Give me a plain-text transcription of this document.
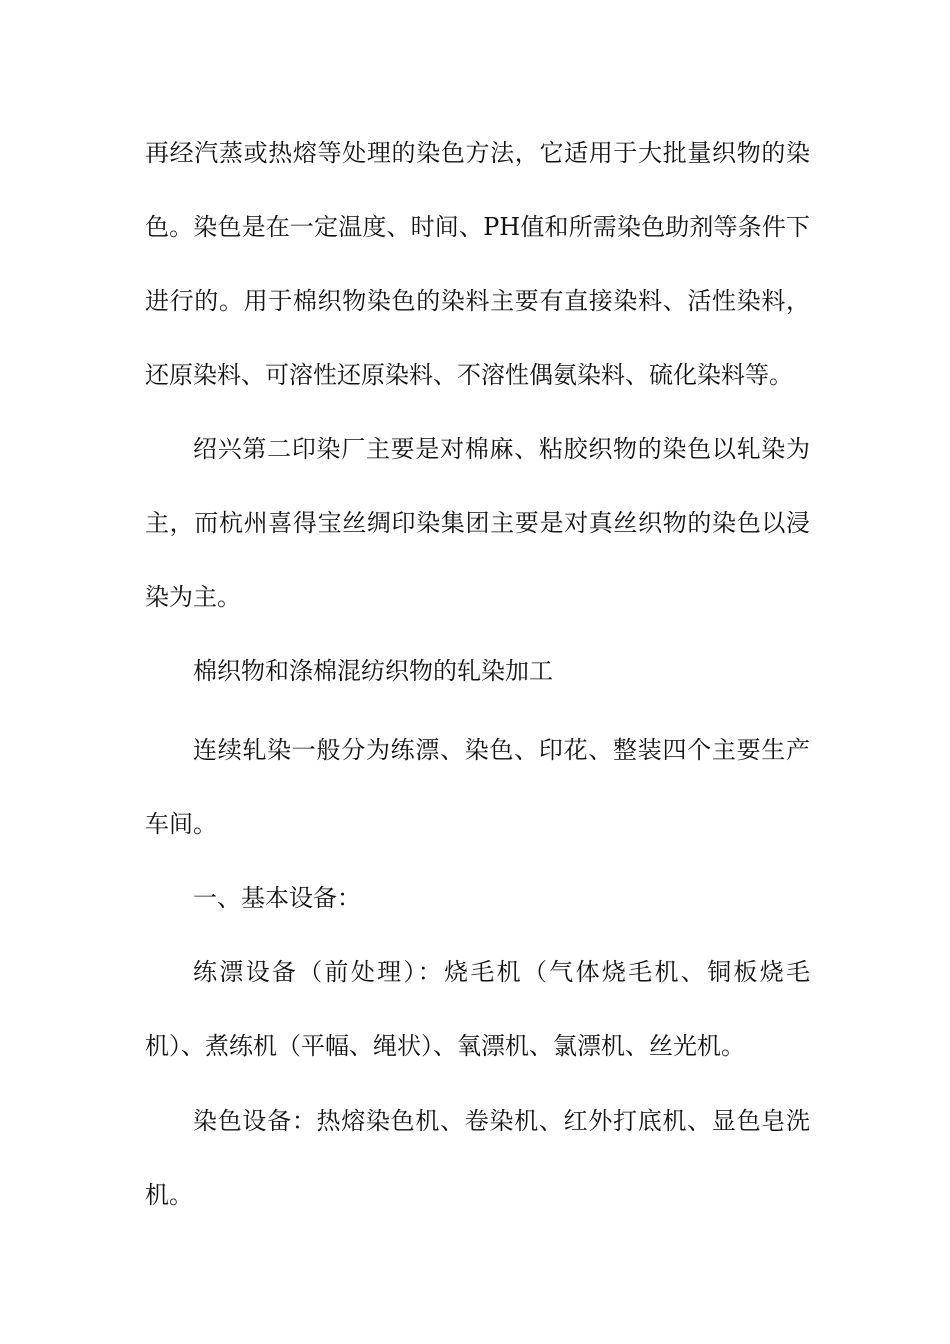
再经汽蒸或热熔等处理的染色方法，它适用于大批量织物的染
色。染色是在一定温度、时间、PH值和所需染色助剂等条件下
进行的。用于棉织物染色的染料主要有直接染料、活性染料，
还原染料、可溶性还原染料、不溶性偶氨染料、硫化染料等。
绍兴第二印染厂主要是对棉麻、粘胶织物的染色以轧染为
主，而杭州喜得宝丝绸印染集团主要是对真丝织物的染色以浸
染为主。
棉织物和涤棉混纺织物的轧染加工
连续轧染一般分为练漂、染色、印花、整装四个主要生产
车间。
一、基本设备：
练漂设备（前处理）：烧毛机（气体烧毛机、铜板烧毛
机）、煮练机（平幅、绳状）、氧漂机、氯漂机、丝光机。
染色设备：热熔染色机、卷染机、红外打底机、显色皂洗
机。
